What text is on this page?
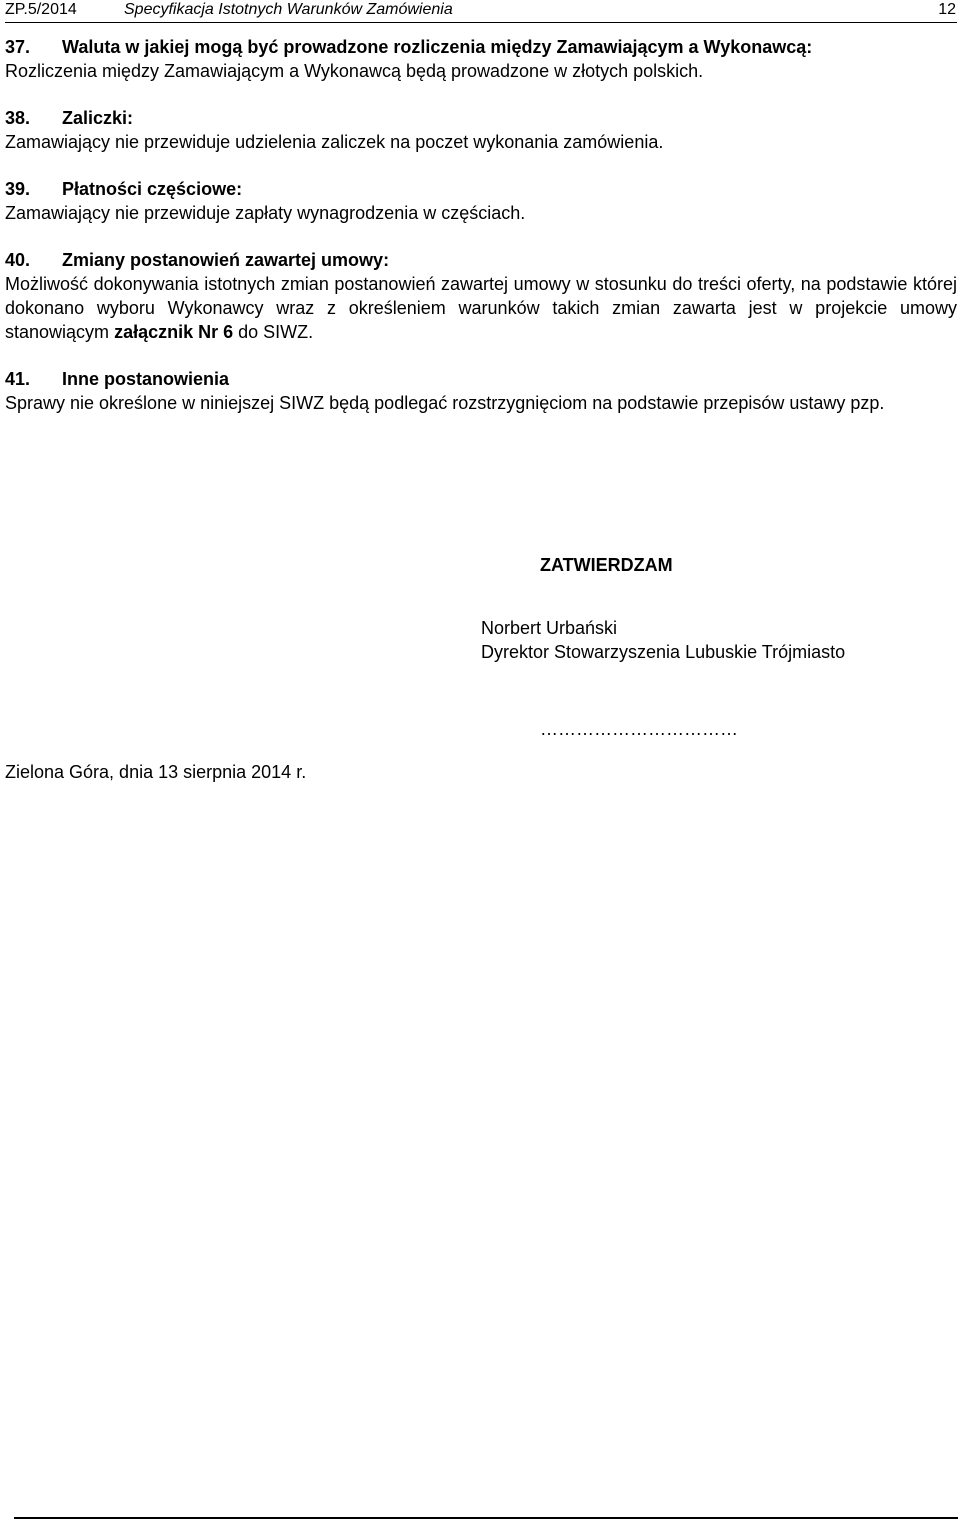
ZP.5/2014	Specyfikacja Istotnych Warunków Zamówienia	12
37. Waluta w jakiej mogą być prowadzone rozliczenia między Zamawiającym a Wykonawcą:
Rozliczenia między Zamawiającym a Wykonawcą będą prowadzone w złotych polskich.
38. Zaliczki:
Zamawiający nie przewiduje udzielenia zaliczek na poczet wykonania zamówienia.
39. Płatności częściowe:
Zamawiający nie przewiduje zapłaty wynagrodzenia w częściach.
40. Zmiany postanowień zawartej umowy:
Możliwość dokonywania istotnych zmian postanowień zawartej umowy w stosunku do treści oferty, na podstawie której dokonano wyboru Wykonawcy wraz z określeniem warunków takich zmian zawarta jest w projekcie umowy stanowiącym załącznik Nr 6 do SIWZ.
41. Inne postanowienia
Sprawy nie określone w niniejszej SIWZ będą podlegać rozstrzygnięciom na podstawie przepisów ustawy pzp.
ZATWIERDZAM
Norbert Urbański
Dyrektor Stowarzyszenia Lubuskie Trójmiasto
……………………………
Zielona Góra, dnia 13 sierpnia 2014 r.
